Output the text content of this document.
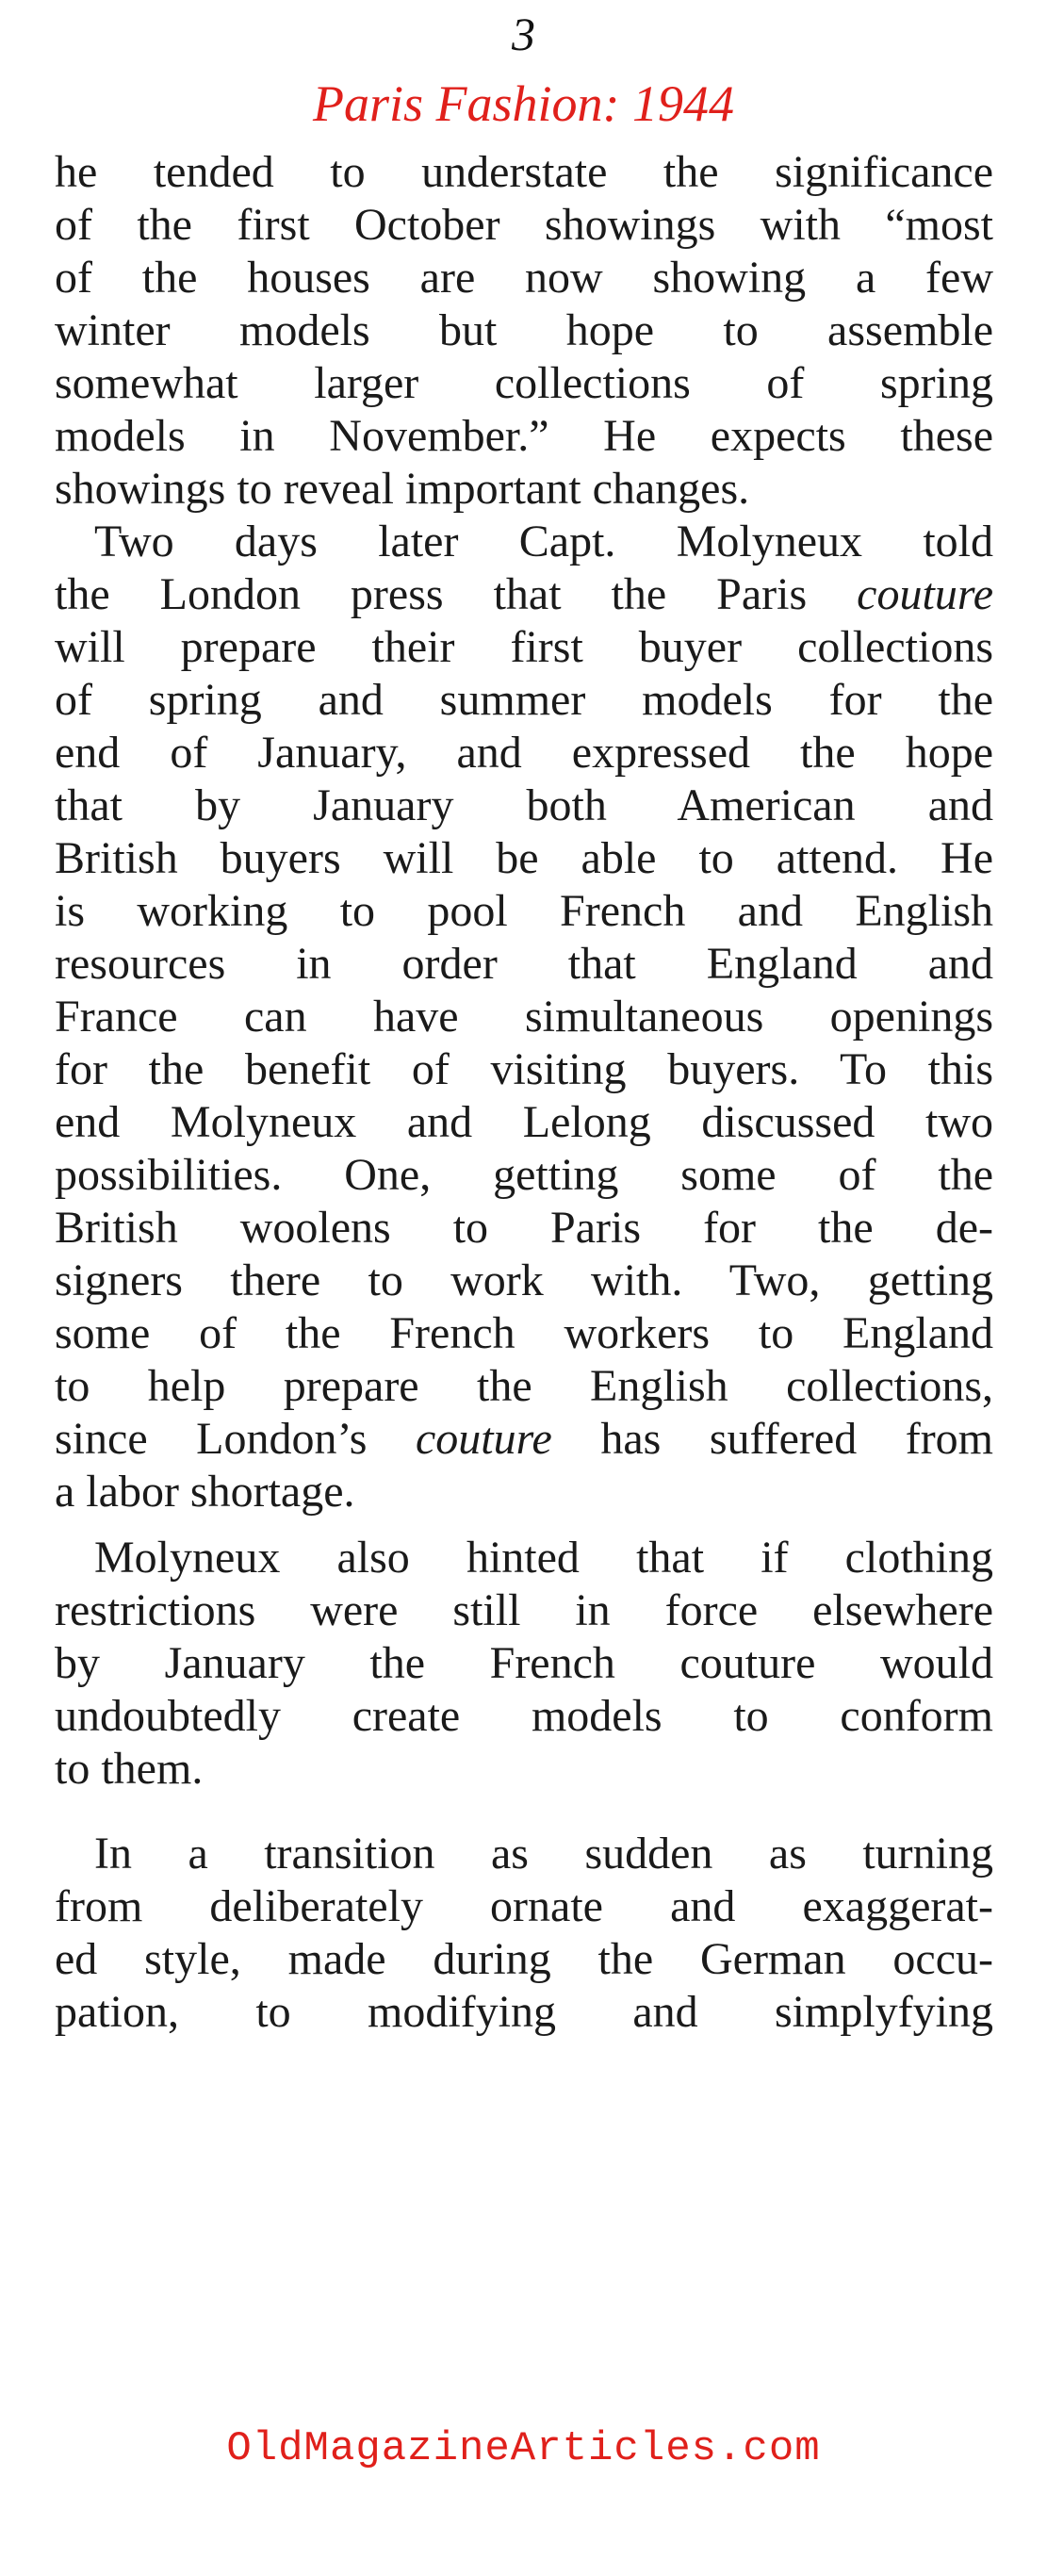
3
Paris Fashion: 1944
he tended to understate the significance
of the first October showings with “most
of the houses are now showing a few
winter models but hope to assemble
somewhat larger collections of spring
models in November.” He expects these
showings to reveal important changes.
Two days later Capt. Molyneux told
the London press that the Paris couture
will prepare their first buyer collections
of spring and summer models for the
end of January, and expressed the hope
that by January both American and
British buyers will be able to attend. He
is working to pool French and English
resources in order that England and
France can have simultaneous openings
for the benefit of visiting buyers. To this
end Molyneux and Lelong discussed two
possibilities. One, getting some of the
British woolens to Paris for the de-
signers there to work with. Two, getting
some of the French workers to England
to help prepare the English collections,
since London’s couture has suffered from
a labor shortage.
Molyneux also hinted that if clothing
restrictions were still in force elsewhere
by January the French couture would
undoubtedly create models to conform
to them.
In a transition as sudden as turning
from deliberately ornate and exaggerat-
ed style, made during the German occu-
pation, to modifying and simplyfying
OldMagazineArticles.com
